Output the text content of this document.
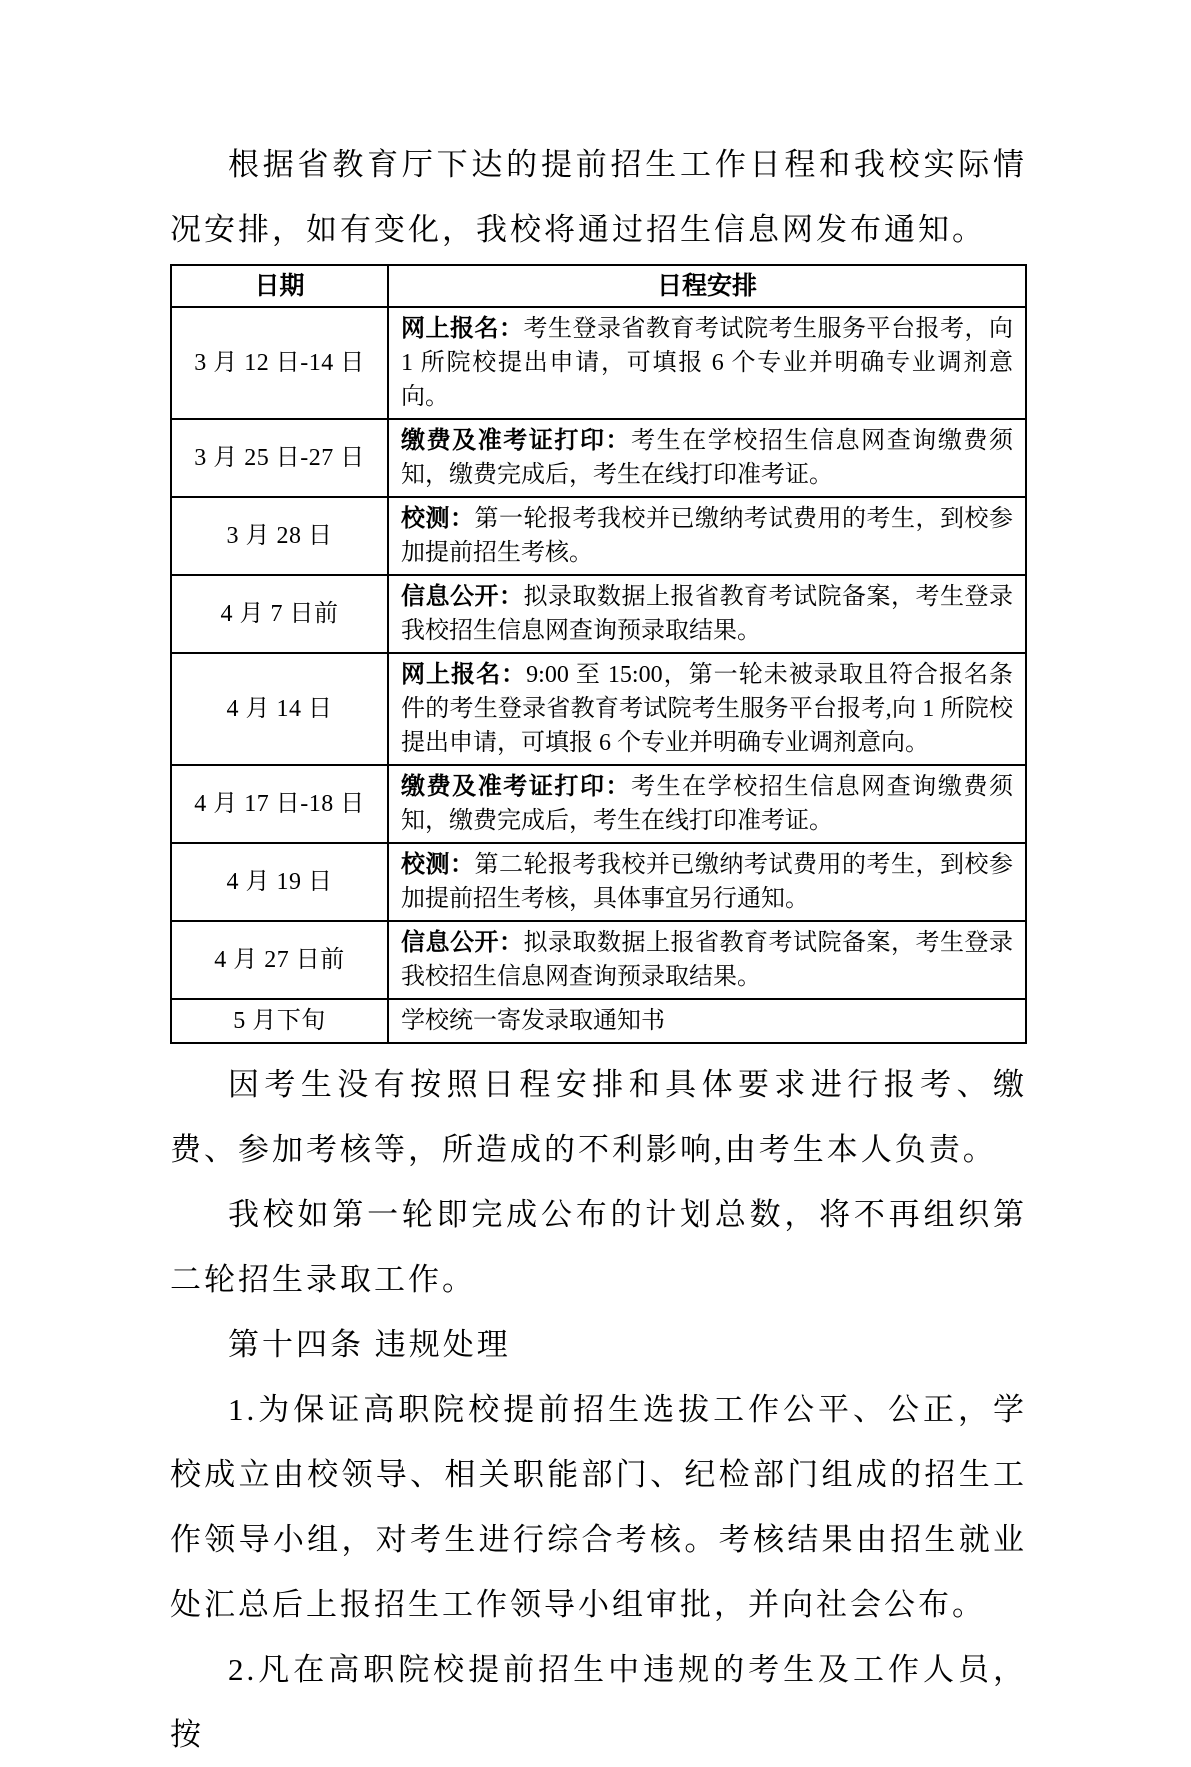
根据省教育厅下达的提前招生工作日程和我校实际情况安排，如有变化，我校将通过招生信息网发布通知。

日期	日程安排
3 月 12 日-14 日	网上报名：考生登录省教育考试院考生服务平台报考，向 1 所院校提出申请，可填报 6 个专业并明确专业调剂意向。
3 月 25 日-27 日	缴费及准考证打印：考生在学校招生信息网查询缴费须知，缴费完成后，考生在线打印准考证。
3 月 28 日	校测：第一轮报考我校并已缴纳考试费用的考生，到校参加提前招生考核。
4 月 7 日前	信息公开：拟录取数据上报省教育考试院备案，考生登录我校招生信息网查询预录取结果。
4 月 14 日	网上报名：9:00 至 15:00，第一轮未被录取且符合报名条件的考生登录省教育考试院考生服务平台报考,向 1 所院校提出申请，可填报 6 个专业并明确专业调剂意向。
4 月 17 日-18 日	缴费及准考证打印：考生在学校招生信息网查询缴费须知，缴费完成后，考生在线打印准考证。
4 月 19 日	校测：第二轮报考我校并已缴纳考试费用的考生，到校参加提前招生考核，具体事宜另行通知。
4 月 27 日前	信息公开：拟录取数据上报省教育考试院备案，考生登录我校招生信息网查询预录取结果。
5 月下旬	学校统一寄发录取通知书

因考生没有按照日程安排和具体要求进行报考、缴费、参加考核等，所造成的不利影响,由考生本人负责。

我校如第一轮即完成公布的计划总数，将不再组织第二轮招生录取工作。

第十四条 违规处理

1.为保证高职院校提前招生选拔工作公平、公正，学校成立由校领导、相关职能部门、纪检部门组成的招生工作领导小组，对考生进行综合考核。考核结果由招生就业处汇总后上报招生工作领导小组审批，并向社会公布。

2.凡在高职院校提前招生中违规的考生及工作人员，按
